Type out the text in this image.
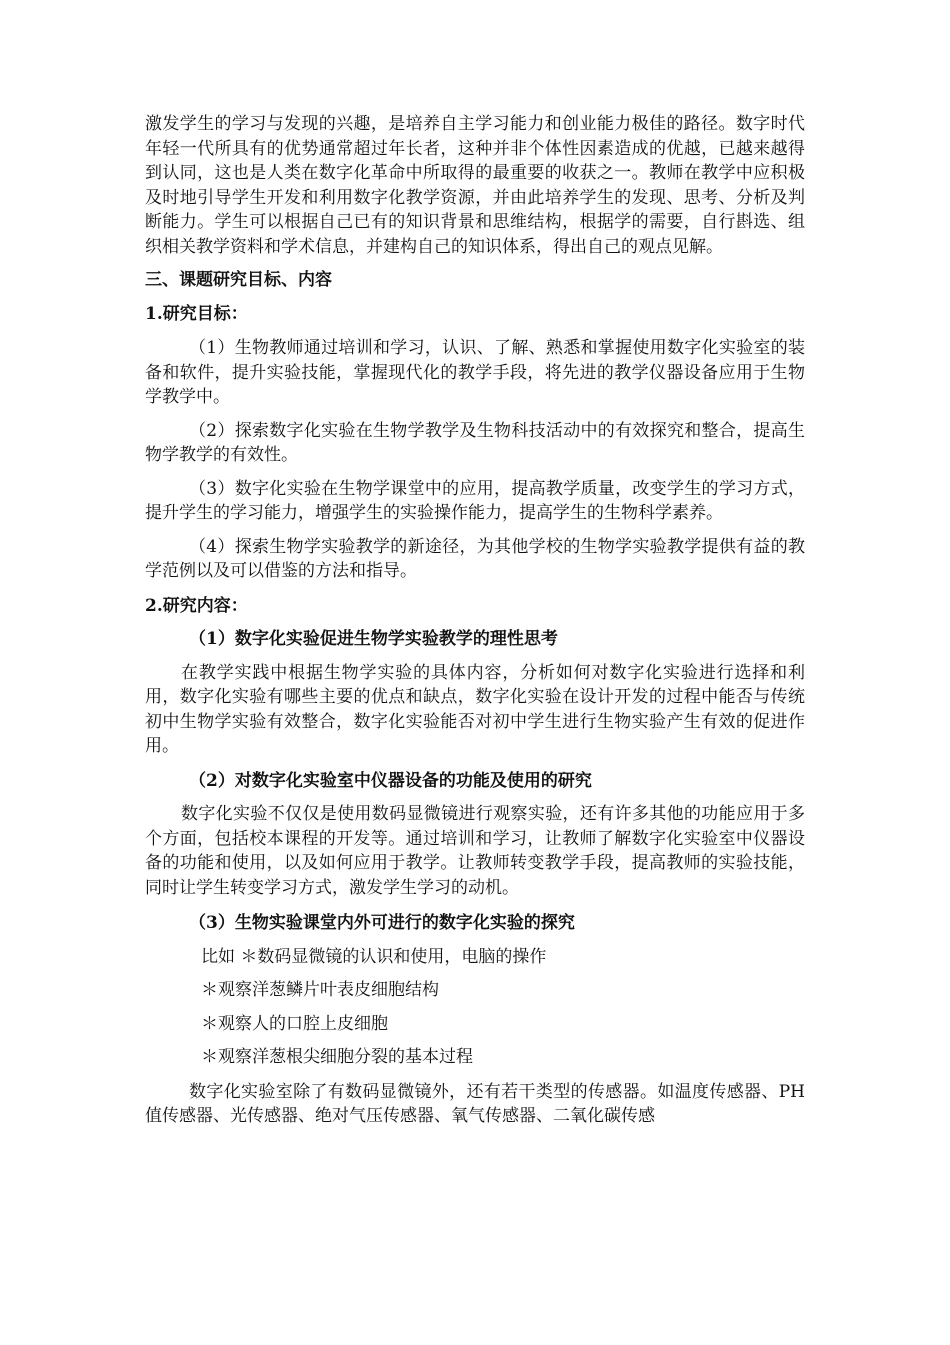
激发学生的学习与发现的兴趣，是培养自主学习能力和创业能力极佳的路径。数字时代年轻一代所具有的优势通常超过年长者，这种并非个体性因素造成的优越，已越来越得到认同，这也是人类在数字化革命中所取得的最重要的收获之一。教师在教学中应积极及时地引导学生开发和利用数字化教学资源，并由此培养学生的发现、思考、分析及判断能力。学生可以根据自己已有的知识背景和思维结构，根据学的需要，自行斟选、组织相关教学资料和学术信息，并建构自己的知识体系，得出自己的观点见解。

三、课题研究目标、内容

1.研究目标：

（1）生物教师通过培训和学习，认识、了解、熟悉和掌握使用数字化实验室的装备和软件，提升实验技能，掌握现代化的教学手段，将先进的教学仪器设备应用于生物学教学中。

（2）探索数字化实验在生物学教学及生物科技活动中的有效探究和整合，提高生物学教学的有效性。

（3）数字化实验在生物学课堂中的应用，提高教学质量，改变学生的学习方式，提升学生的学习能力，增强学生的实验操作能力，提高学生的生物科学素养。

（4）探索生物学实验教学的新途径，为其他学校的生物学实验教学提供有益的教学范例以及可以借鉴的方法和指导。

2.研究内容：

（1）数字化实验促进生物学实验教学的理性思考

在教学实践中根据生物学实验的具体内容，分析如何对数字化实验进行选择和利用，数字化实验有哪些主要的优点和缺点，数字化实验在设计开发的过程中能否与传统初中生物学实验有效整合，数字化实验能否对初中学生进行生物实验产生有效的促进作用。

（2）对数字化实验室中仪器设备的功能及使用的研究

数字化实验不仅仅是使用数码显微镜进行观察实验，还有许多其他的功能应用于多个方面，包括校本课程的开发等。通过培训和学习，让教师了解数字化实验室中仪器设备的功能和使用，以及如何应用于教学。让教师转变教学手段，提高教师的实验技能，同时让学生转变学习方式，激发学生学习的动机。

（3）生物实验课堂内外可进行的数字化实验的探究

比如 ＊数码显微镜的认识和使用，电脑的操作

＊观察洋葱鳞片叶表皮细胞结构

＊观察人的口腔上皮细胞

＊观察洋葱根尖细胞分裂的基本过程

数字化实验室除了有数码显微镜外，还有若干类型的传感器。如温度传感器、PH 值传感器、光传感器、绝对气压传感器、氧气传感器、二氧化碳传感
